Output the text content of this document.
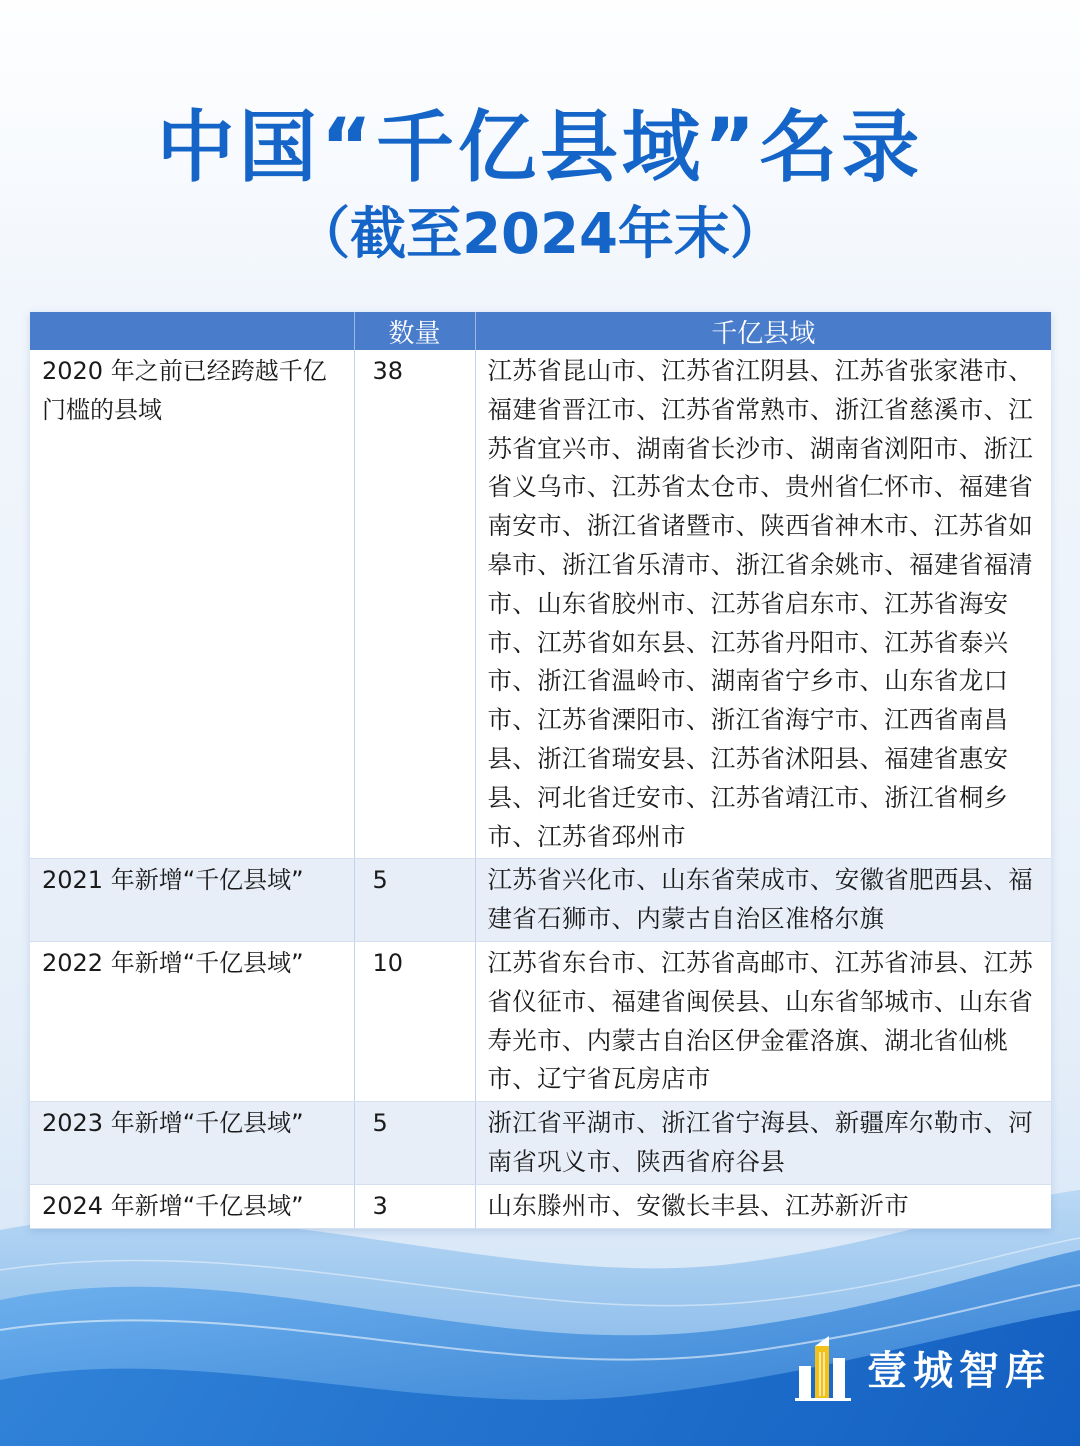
中国“千亿县域”名录
（截至2024年末）
	数量	千亿县域
2020 年之前已经跨越千亿门槛的县域	38	江苏省昆山市、江苏省江阴县、江苏省张家港市、福建省晋江市、江苏省常熟市、浙江省慈溪市、江苏省宜兴市、湖南省长沙市、湖南省浏阳市、浙江省义乌市、江苏省太仓市、贵州省仁怀市、福建省南安市、浙江省诸暨市、陕西省神木市、江苏省如皋市、浙江省乐清市、浙江省余姚市、福建省福清市、山东省胶州市、江苏省启东市、江苏省海安市、江苏省如东县、江苏省丹阳市、江苏省泰兴市、浙江省温岭市、湖南省宁乡市、山东省龙口市、江苏省溧阳市、浙江省海宁市、江西省南昌县、浙江省瑞安县、江苏省沭阳县、福建省惠安县、河北省迁安市、江苏省靖江市、浙江省桐乡市、江苏省邳州市
2021 年新增“千亿县域”	5	江苏省兴化市、山东省荣成市、安徽省肥西县、福建省石狮市、内蒙古自治区准格尔旗
2022 年新增“千亿县域”	10	江苏省东台市、江苏省高邮市、江苏省沛县、江苏省仪征市、福建省闽侯县、山东省邹城市、山东省寿光市、内蒙古自治区伊金霍洛旗、湖北省仙桃市、辽宁省瓦房店市
2023 年新增“千亿县域”	5	浙江省平湖市、浙江省宁海县、新疆库尔勒市、河南省巩义市、陕西省府谷县
2024 年新增“千亿县域”	3	山东滕州市、安徽长丰县、江苏新沂市
壹城智库
